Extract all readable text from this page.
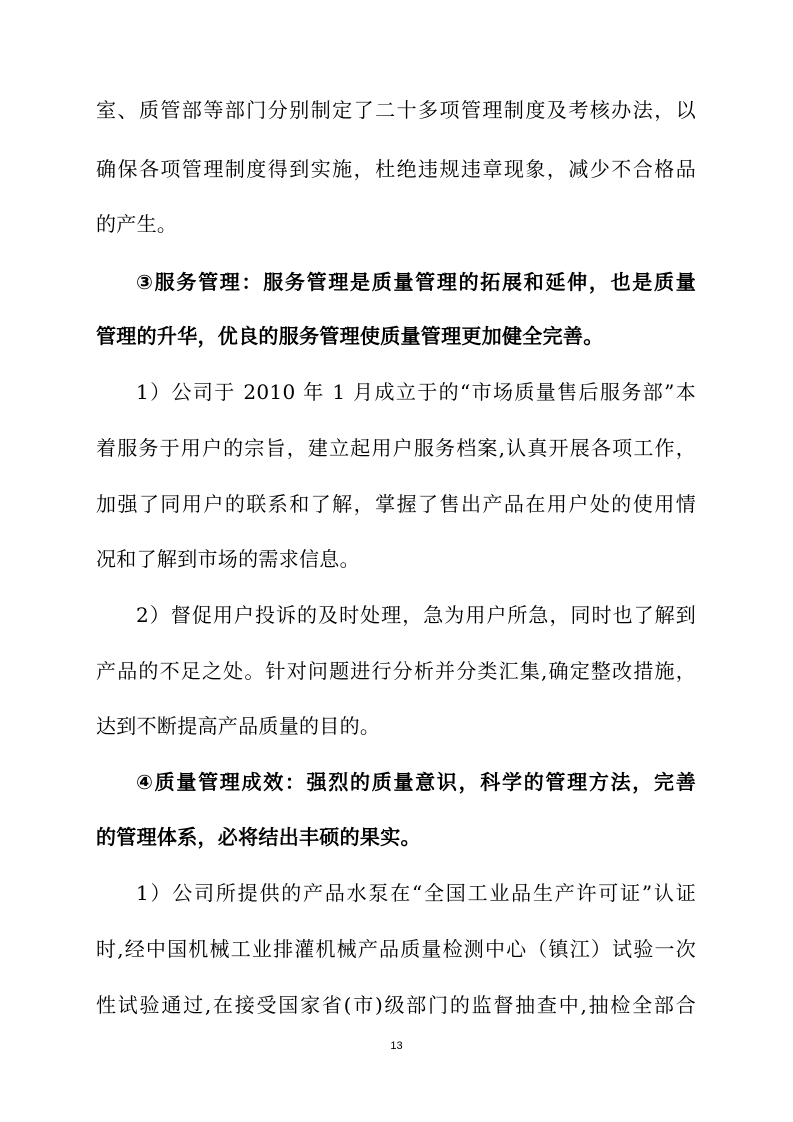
室、质管部等部门分别制定了二十多项管理制度及考核办法，以
确保各项管理制度得到实施，杜绝违规违章现象，减少不合格品
的产生。
③服务管理：服务管理是质量管理的拓展和延伸，也是质量
管理的升华，优良的服务管理使质量管理更加健全完善。
1）公司于 2010 年 1 月成立于的“市场质量售后服务部”本
着服务于用户的宗旨，建立起用户服务档案,认真开展各项工作，
加强了同用户的联系和了解，掌握了售出产品在用户处的使用情
况和了解到市场的需求信息。
2）督促用户投诉的及时处理，急为用户所急，同时也了解到
产品的不足之处。针对问题进行分析并分类汇集,确定整改措施，
达到不断提高产品质量的目的。
④质量管理成效：强烈的质量意识，科学的管理方法，完善
的管理体系，必将结出丰硕的果实。
1）公司所提供的产品水泵在“全国工业品生产许可证”认证
时,经中国机械工业排灌机械产品质量检测中心（镇江）试验一次
性试验通过,在接受国家省(市)级部门的监督抽查中,抽检全部合
13
